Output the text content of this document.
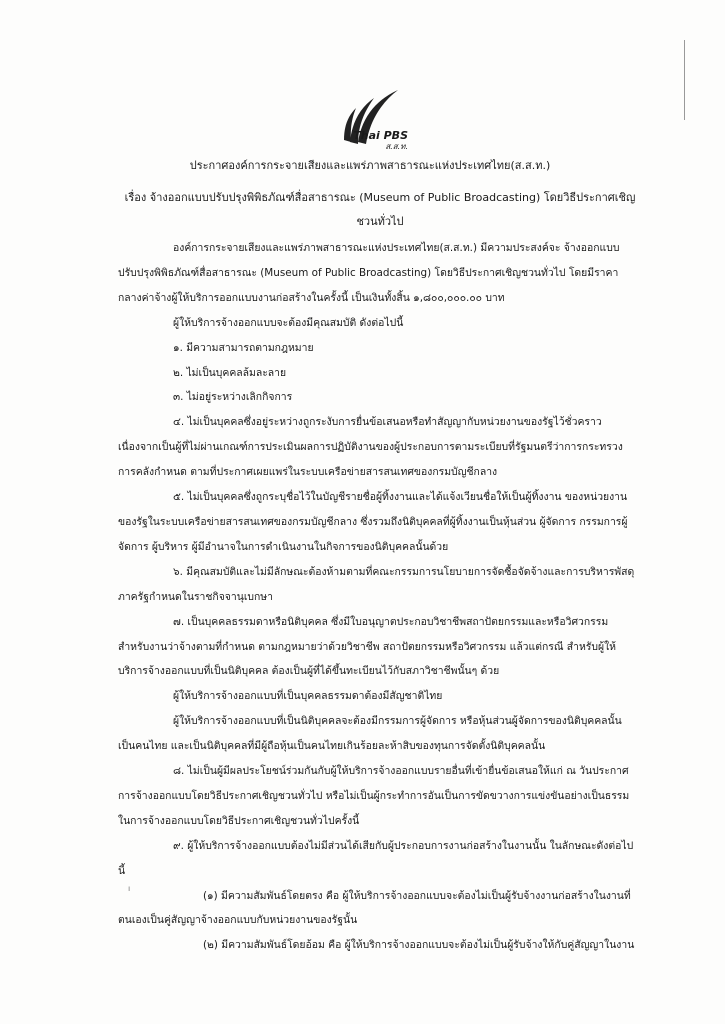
Thai PBS
ส.ส.ท.
ประกาศองค์การกระจายเสียงและแพร่ภาพสาธารณะแห่งประเทศไทย(ส.ส.ท.)
เรื่อง จ้างออกแบบปรับปรุงพิพิธภัณฑ์สื่อสาธารณะ (Museum of Public Broadcasting) โดยวิธีประกาศเชิญ
ชวนทั่วไป

องค์การกระจายเสียงและแพร่ภาพสาธารณะแห่งประเทศไทย(ส.ส.ท.) มีความประสงค์จะ จ้างออกแบบปรับปรุงพิพิธภัณฑ์สื่อสาธารณะ (Museum of Public Broadcasting) โดยวิธีประกาศเชิญชวนทั่วไป โดยมีราคากลางค่าจ้างผู้ให้บริการออกแบบงานก่อสร้างในครั้งนี้ เป็นเงินทั้งสิ้น ๑,๘๐๐,๐๐๐.๐๐ บาท

ผู้ให้บริการจ้างออกแบบจะต้องมีคุณสมบัติ ดังต่อไปนี้

๑. มีความสามารถตามกฎหมาย

๒. ไม่เป็นบุคคลล้มละลาย

๓. ไม่อยู่ระหว่างเลิกกิจการ

๔. ไม่เป็นบุคคลซึ่งอยู่ระหว่างถูกระงับการยื่นข้อเสนอหรือทำสัญญากับหน่วยงานของรัฐไว้ชั่วคราว เนื่องจากเป็นผู้ที่ไม่ผ่านเกณฑ์การประเมินผลการปฏิบัติงานของผู้ประกอบการตามระเบียบที่รัฐมนตรีว่าการกระทรวงการคลังกำหนด ตามที่ประกาศเผยแพร่ในระบบเครือข่ายสารสนเทศของกรมบัญชีกลาง

๕. ไม่เป็นบุคคลซึ่งถูกระบุชื่อไว้ในบัญชีรายชื่อผู้ทิ้งงานและได้แจ้งเวียนชื่อให้เป็นผู้ทิ้งงาน ของหน่วยงานของรัฐในระบบเครือข่ายสารสนเทศของกรมบัญชีกลาง ซึ่งรวมถึงนิติบุคคลที่ผู้ทิ้งงานเป็นหุ้นส่วน ผู้จัดการ กรรมการผู้จัดการ ผู้บริหาร ผู้มีอำนาจในการดำเนินงานในกิจการของนิติบุคคลนั้นด้วย

๖. มีคุณสมบัติและไม่มีลักษณะต้องห้ามตามที่คณะกรรมการนโยบายการจัดซื้อจัดจ้างและการบริหารพัสดุภาครัฐกำหนดในราชกิจจานุเบกษา

๗. เป็นบุคคลธรรมดาหรือนิติบุคคล ซึ่งมีใบอนุญาตประกอบวิชาชีพสถาปัตยกรรมและหรือวิศวกรรม สำหรับงานว่าจ้างตามที่กำหนด ตามกฎหมายว่าด้วยวิชาชีพ สถาปัตยกรรมหรือวิศวกรรม แล้วแต่กรณี สำหรับผู้ให้บริการจ้างออกแบบที่เป็นนิติบุคคล ต้องเป็นผู้ที่ได้ขึ้นทะเบียนไว้กับสภาวิชาชีพนั้นๆ ด้วย

ผู้ให้บริการจ้างออกแบบที่เป็นบุคคลธรรมดาต้องมีสัญชาติไทย

ผู้ให้บริการจ้างออกแบบที่เป็นนิติบุคคลจะต้องมีกรรมการผู้จัดการ หรือหุ้นส่วนผู้จัดการของนิติบุคคลนั้นเป็นคนไทย และเป็นนิติบุคคลที่มีผู้ถือหุ้นเป็นคนไทยเกินร้อยละห้าสิบของทุนการจัดตั้งนิติบุคคลนั้น

๘. ไม่เป็นผู้มีผลประโยชน์ร่วมกันกับผู้ให้บริการจ้างออกแบบรายอื่นที่เข้ายื่นข้อเสนอให้แก่ ณ วันประกาศการจ้างออกแบบโดยวิธีประกาศเชิญชวนทั่วไป หรือไม่เป็นผู้กระทำการอันเป็นการขัดขวางการแข่งขันอย่างเป็นธรรม ในการจ้างออกแบบโดยวิธีประกาศเชิญชวนทั่วไปครั้งนี้

๙. ผู้ให้บริการจ้างออกแบบต้องไม่มีส่วนได้เสียกับผู้ประกอบการงานก่อสร้างในงานนั้น ในลักษณะดังต่อไปนี้

(๑) มีความสัมพันธ์โดยตรง คือ ผู้ให้บริการจ้างออกแบบจะต้องไม่เป็นผู้รับจ้างงานก่อสร้างในงานที่ตนเองเป็นคู่สัญญาจ้างออกแบบกับหน่วยงานของรัฐนั้น

(๒) มีความสัมพันธ์โดยอ้อม คือ ผู้ให้บริการจ้างออกแบบจะต้องไม่เป็นผู้รับจ้างให้กับคู่สัญญาในงาน

ı
